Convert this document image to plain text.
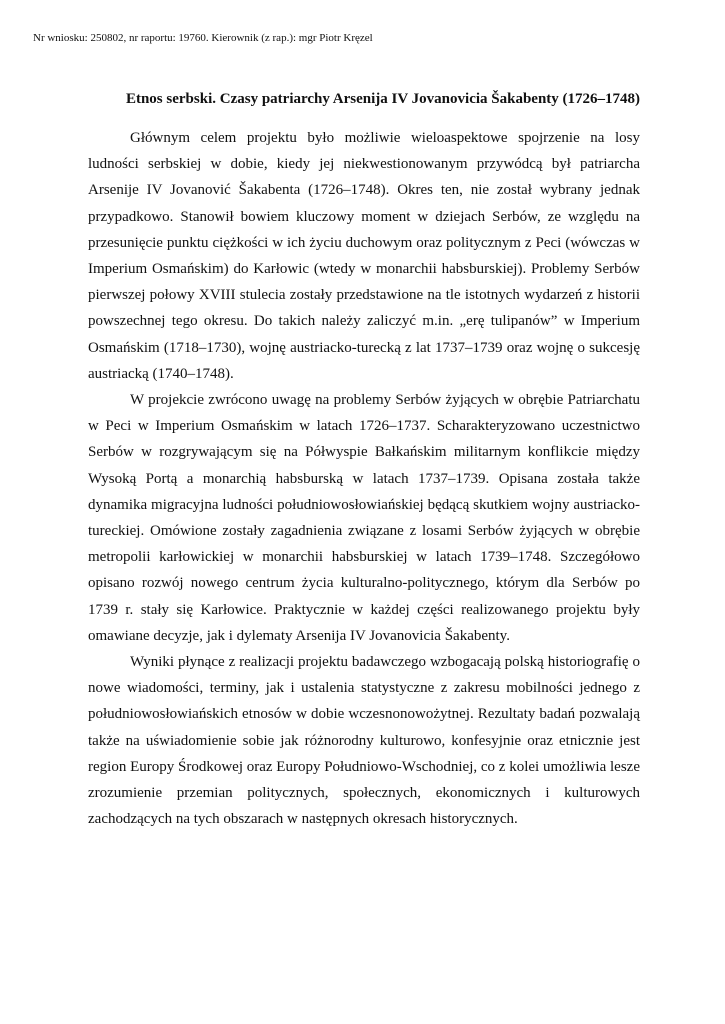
Nr wniosku: 250802, nr raportu: 19760. Kierownik (z rap.): mgr Piotr Kręzel
Etnos serbski. Czasy patriarchy Arsenija IV Jovanovicia Šakabenty (1726–1748)

Głównym celem projektu było możliwie wieloaspektowe spojrzenie na losy ludności serbskiej w dobie, kiedy jej niekwestionowanym przywódcą był patriarcha Arsenije IV Jovanović Šakabenta (1726–1748). Okres ten, nie został wybrany jednak przypadkowo. Stanowił bowiem kluczowy moment w dziejach Serbów, ze względu na przesunięcie punktu ciężkości w ich życiu duchowym oraz politycznym z Peci (wówczas w Imperium Osmańskim) do Karłowic (wtedy w monarchii habsburskiej). Problemy Serbów pierwszej połowy XVIII stulecia zostały przedstawione na tle istotnych wydarzeń z historii powszechnej tego okresu. Do takich należy zaliczyć m.in. „erę tulipanów” w Imperium Osmańskim (1718–1730), wojnę austriacko-turecką z lat 1737–1739 oraz wojnę o sukcesję austriacką (1740–1748).

W projekcie zwrócono uwagę na problemy Serbów żyjących w obrębie Patriarchatu w Peci w Imperium Osmańskim w latach 1726–1737. Scharakteryzowano uczestnictwo Serbów w rozgrywającym się na Półwyspie Bałkańskim militarnym konflikcie między Wysoką Portą a monarchią habsburską w latach 1737–1739. Opisana została także dynamika migracyjna ludności południowosłowiańskiej będącą skutkiem wojny austriacko-tureckiej. Omówione zostały zagadnienia związane z losami Serbów żyjących w obrębie metropolii karłowickiej w monarchii habsburskiej w latach 1739–1748. Szczegółowo opisano rozwój nowego centrum życia kulturalno-politycznego, którym dla Serbów po 1739 r. stały się Karłowice. Praktycznie w każdej części realizowanego projektu były omawiane decyzje, jak i dylematy Arsenija IV Jovanovicia Šakabenty.

Wyniki płynące z realizacji projektu badawczego wzbogacają polską historiografię o nowe wiadomości, terminy, jak i ustalenia statystyczne z zakresu mobilności jednego z południowosłowiańskich etnosów w dobie wczesnonowożytnej. Rezultaty badań pozwalają także na uświadomienie sobie jak różnorodny kulturowo, konfesyjnie oraz etnicznie jest region Europy Środkowej oraz Europy Południowo-Wschodniej, co z kolei umożliwia lesze zrozumienie przemian politycznych, społecznych, ekonomicznych i kulturowych zachodzących na tych obszarach w następnych okresach historycznych.
